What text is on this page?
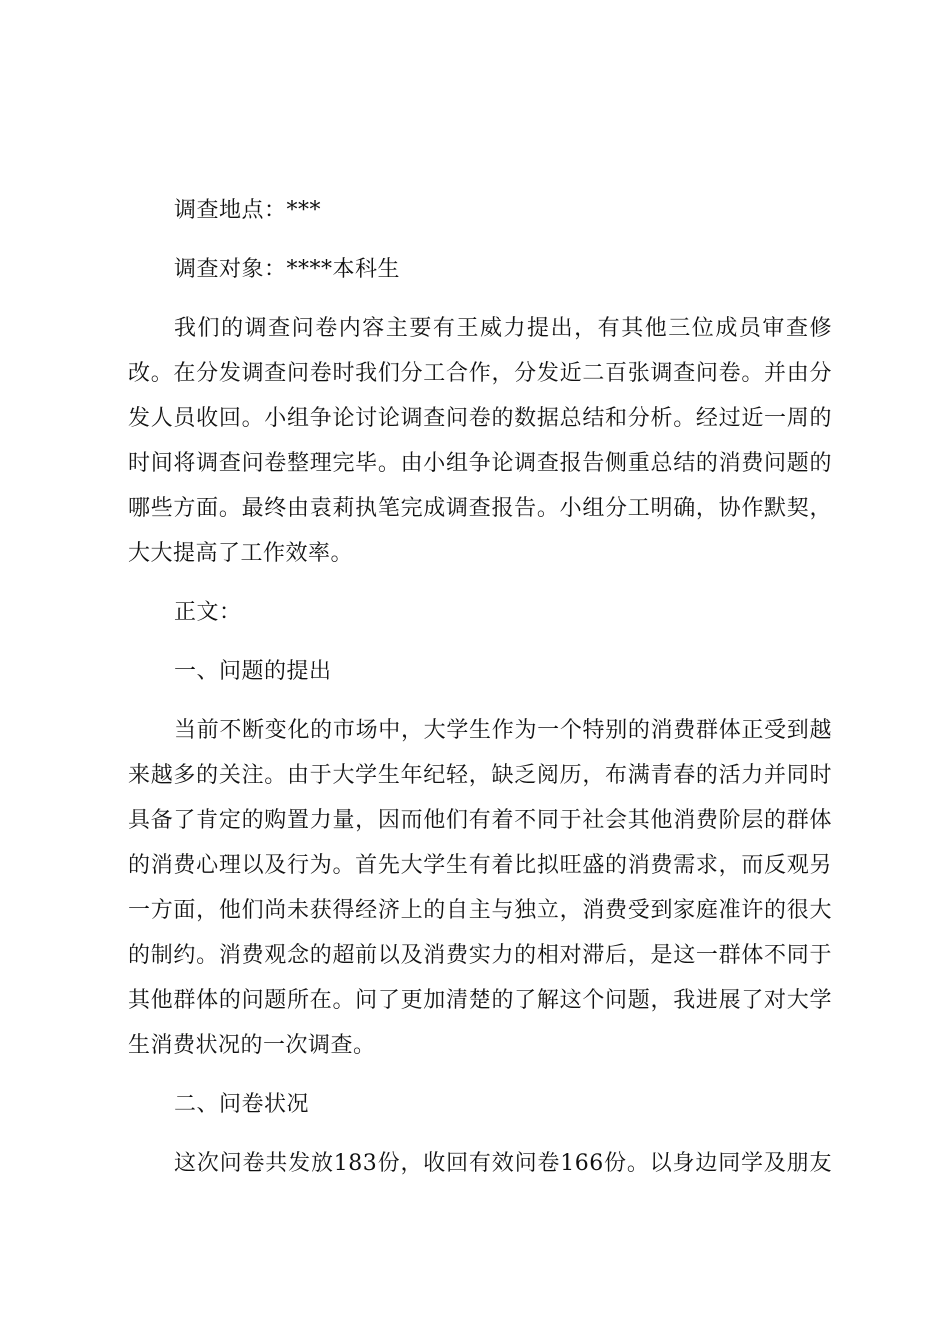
调查地点：***
调查对象：****本科生
我们的调查问卷内容主要有王威力提出，有其他三位成员审查修
改。在分发调查问卷时我们分工合作，分发近二百张调查问卷。并由分
发人员收回。小组争论讨论调查问卷的数据总结和分析。经过近一周的
时间将调查问卷整理完毕。由小组争论调查报告侧重总结的消费问题的
哪些方面。最终由袁莉执笔完成调查报告。小组分工明确，协作默契，
大大提高了工作效率。
正文：
一、问题的提出
当前不断变化的市场中，大学生作为一个特别的消费群体正受到越
来越多的关注。由于大学生年纪轻，缺乏阅历，布满青春的活力并同时
具备了肯定的购置力量，因而他们有着不同于社会其他消费阶层的群体
的消费心理以及行为。首先大学生有着比拟旺盛的消费需求，而反观另
一方面，他们尚未获得经济上的自主与独立，消费受到家庭准许的很大
的制约。消费观念的超前以及消费实力的相对滞后，是这一群体不同于
其他群体的问题所在。问了更加清楚的了解这个问题，我进展了对大学
生消费状况的一次调查。
二、问卷状况
这次问卷共发放183份，收回有效问卷166份。以身边同学及朋友
